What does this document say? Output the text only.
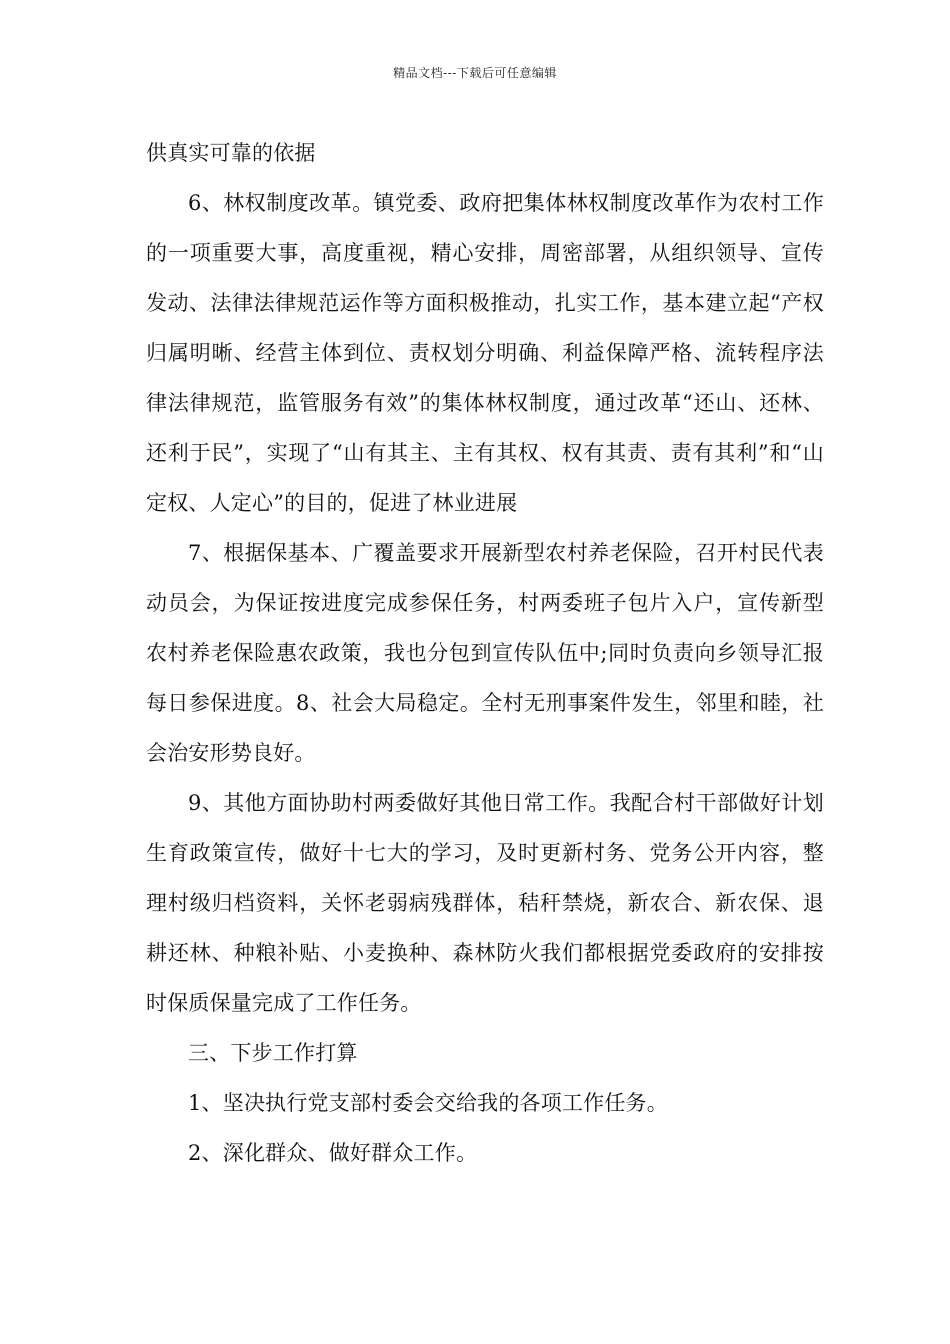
精品文档---下载后可任意编辑

供真实可靠的依据

6、林权制度改革。镇党委、政府把集体林权制度改革作为农村工作的一项重要大事，高度重视，精心安排，周密部署，从组织领导、宣传发动、法律法律规范运作等方面积极推动，扎实工作，基本建立起“产权归属明晰、经营主体到位、责权划分明确、利益保障严格、流转程序法律法律规范，监管服务有效”的集体林权制度，通过改革“还山、还林、还利于民”，实现了“山有其主、主有其权、权有其责、责有其利”和“山定权、人定心”的目的，促进了林业进展

7、根据保基本、广覆盖要求开展新型农村养老保险，召开村民代表动员会，为保证按进度完成参保任务，村两委班子包片入户，宣传新型农村养老保险惠农政策，我也分包到宣传队伍中;同时负责向乡领导汇报每日参保进度。8、社会大局稳定。全村无刑事案件发生，邻里和睦，社会治安形势良好。

9、其他方面协助村两委做好其他日常工作。我配合村干部做好计划生育政策宣传，做好十七大的学习，及时更新村务、党务公开内容，整理村级归档资料，关怀老弱病残群体，秸秆禁烧，新农合、新农保、退耕还林、种粮补贴、小麦换种、森林防火我们都根据党委政府的安排按时保质保量完成了工作任务。

三、下步工作打算

1、坚决执行党支部村委会交给我的各项工作任务。

2、深化群众、做好群众工作。
